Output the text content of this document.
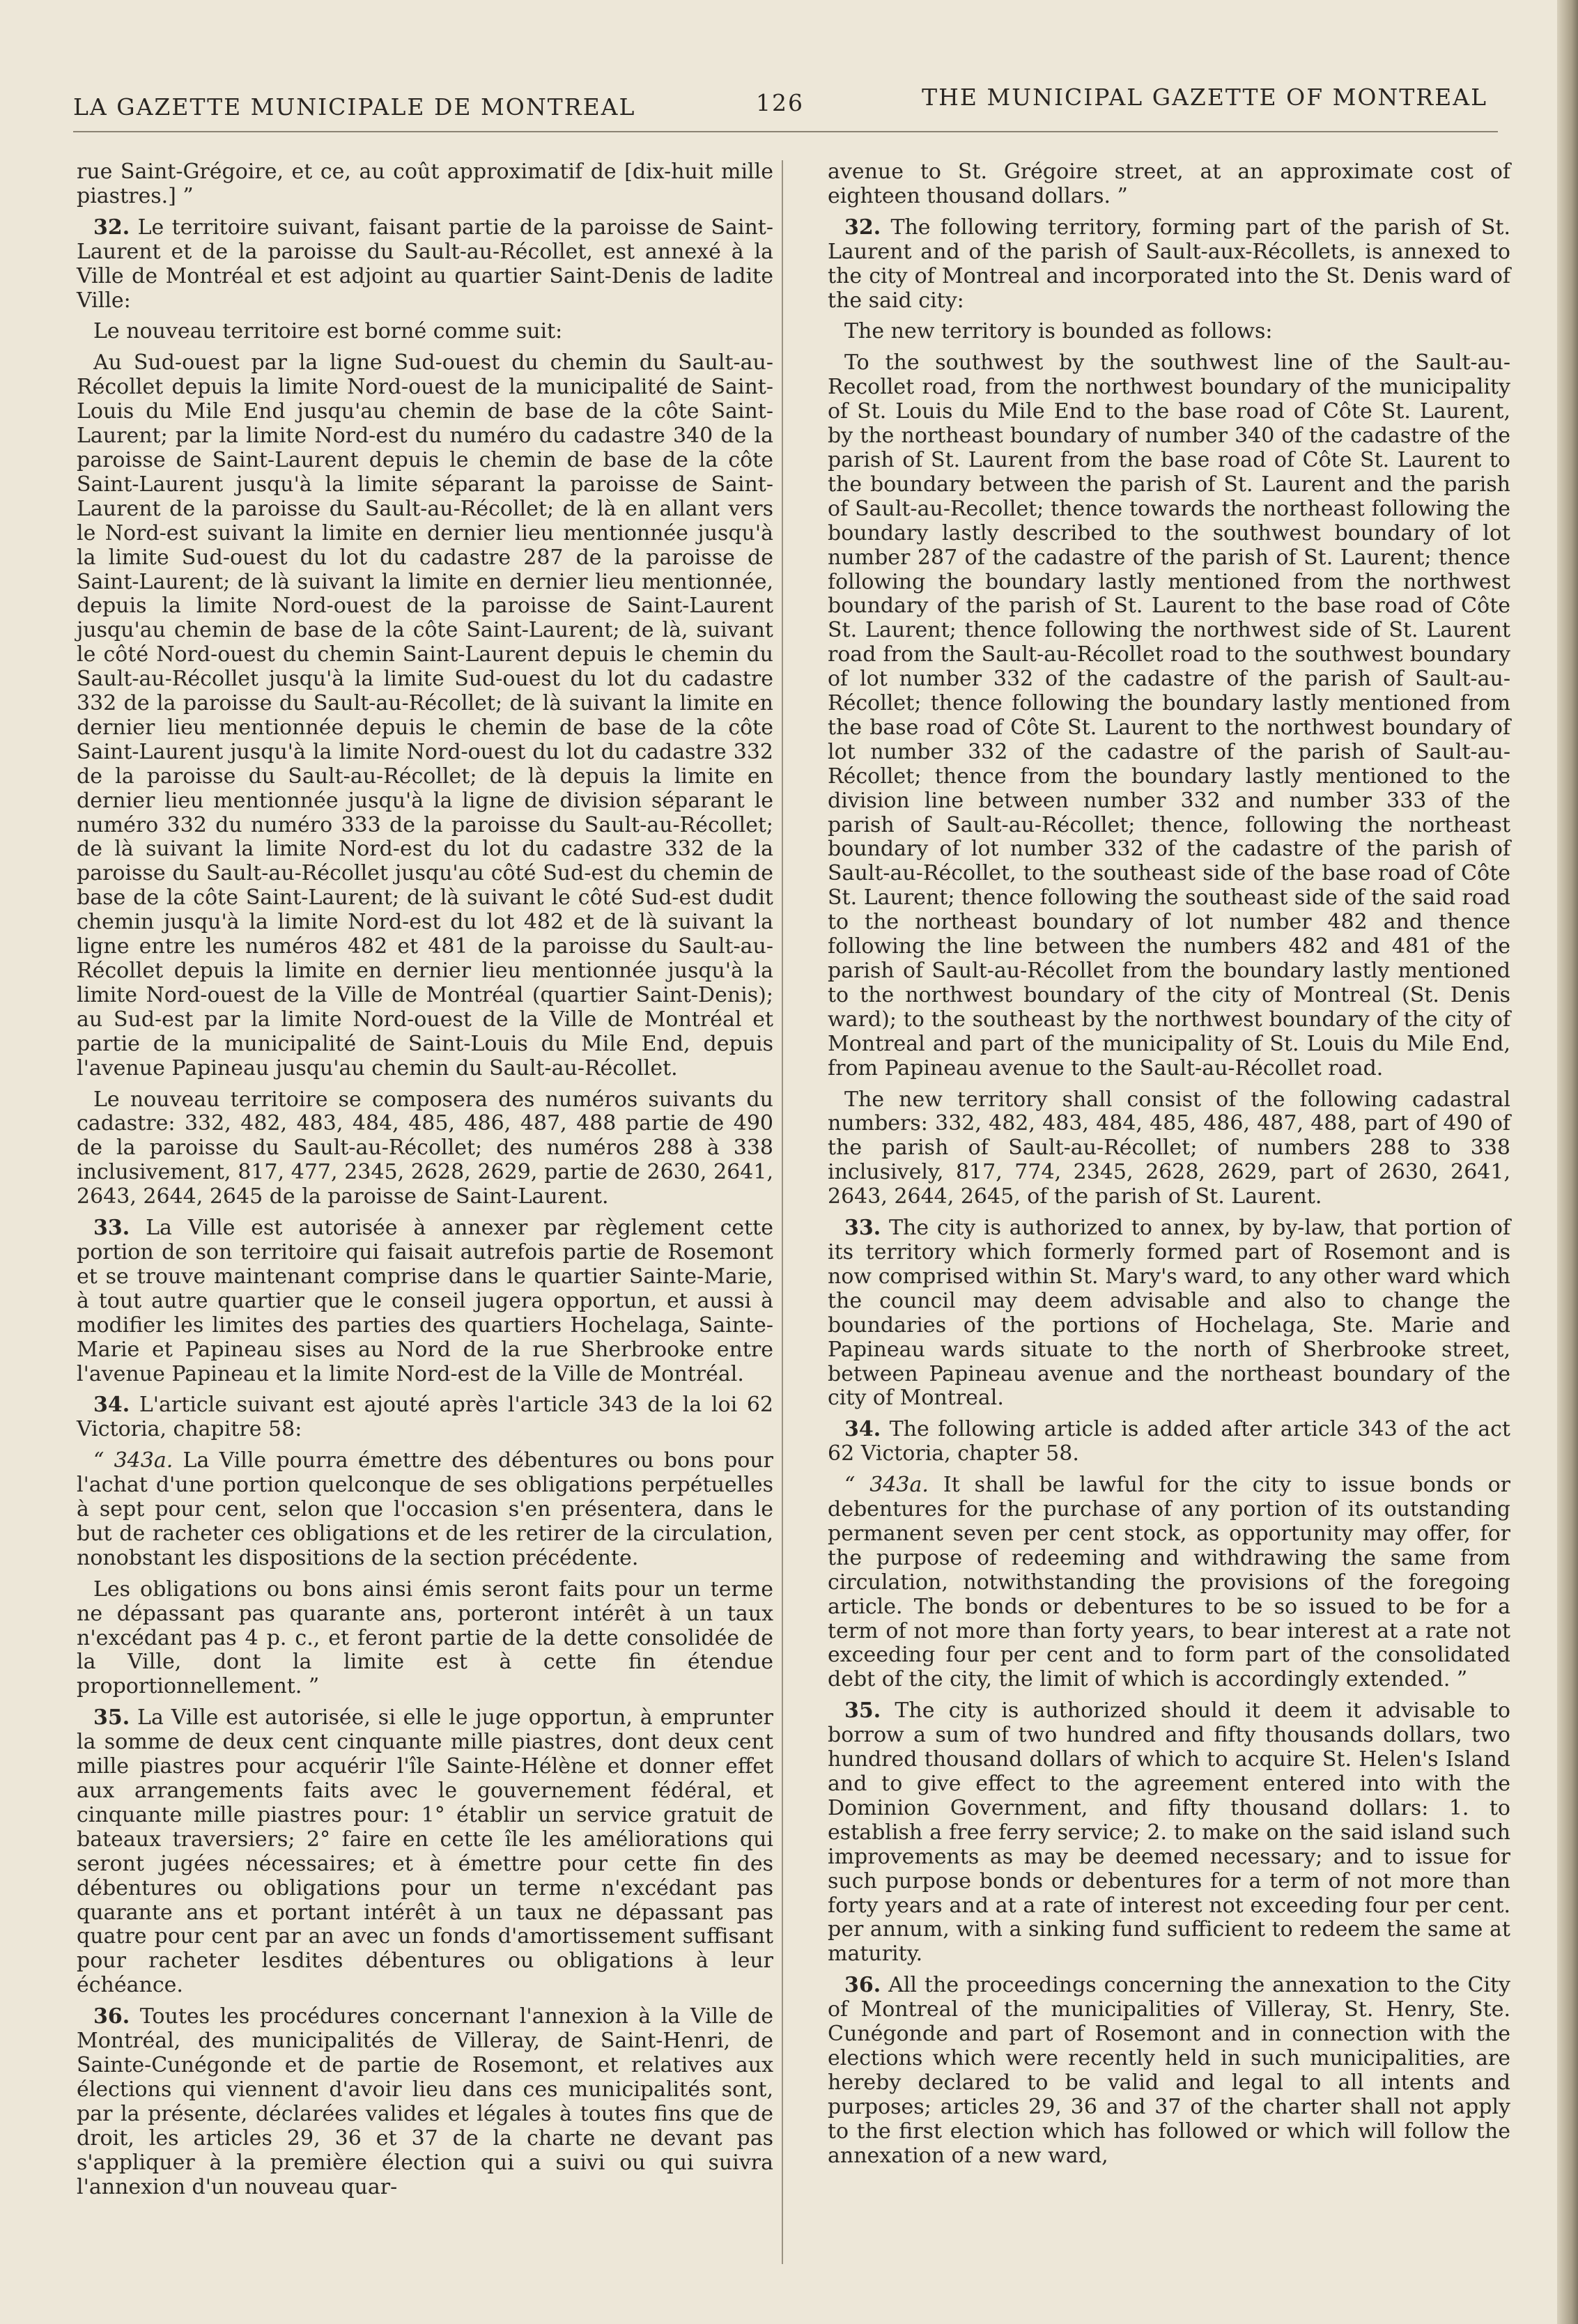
LA GAZETTE MUNICIPALE DE MONTREAL	126	THE MUNICIPAL GAZETTE OF MONTREAL

rue Saint-Grégoire, et ce, au coût approximatif de [dix-huit mille piastres.] ”

32. Le territoire suivant, faisant partie de la paroisse de Saint-Laurent et de la paroisse du Sault-au-Récollet, est annexé à la Ville de Montréal et est adjoint au quartier Saint-Denis de ladite Ville:

Le nouveau territoire est borné comme suit:

Au Sud-ouest par la ligne Sud-ouest du chemin du Sault-au-Récollet depuis la limite Nord-ouest de la municipalité de Saint-Louis du Mile End jusqu'au chemin de base de la côte Saint-Laurent; par la limite Nord-est du numéro du cadastre 340 de la paroisse de Saint-Laurent depuis le chemin de base de la côte Saint-Laurent jusqu'à la limite séparant la paroisse de Saint-Laurent de la paroisse du Sault-au-Récollet; de là en allant vers le Nord-est suivant la limite en dernier lieu mentionnée jusqu'à la limite Sud-ouest du lot du cadastre 287 de la paroisse de Saint-Laurent; de là suivant la limite en dernier lieu mentionnée, depuis la limite Nord-ouest de la paroisse de Saint-Laurent jusqu'au chemin de base de la côte Saint-Laurent; de là, suivant le côté Nord-ouest du chemin Saint-Laurent depuis le chemin du Sault-au-Récollet jusqu'à la limite Sud-ouest du lot du cadastre 332 de la paroisse du Sault-au-Récollet; de là suivant la limite en dernier lieu mentionnée depuis le chemin de base de la côte Saint-Laurent jusqu'à la limite Nord-ouest du lot du cadastre 332 de la paroisse du Sault-au-Récollet; de là depuis la limite en dernier lieu mentionnée jusqu'à la ligne de division séparant le numéro 332 du numéro 333 de la paroisse du Sault-au-Récollet; de là suivant la limite Nord-est du lot du cadastre 332 de la paroisse du Sault-au-Récollet jusqu'au côté Sud-est du chemin de base de la côte Saint-Laurent; de là suivant le côté Sud-est dudit chemin jusqu'à la limite Nord-est du lot 482 et de là suivant la ligne entre les numéros 482 et 481 de la paroisse du Sault-au-Récollet depuis la limite en dernier lieu mentionnée jusqu'à la limite Nord-ouest de la Ville de Montréal (quartier Saint-Denis); au Sud-est par la limite Nord-ouest de la Ville de Montréal et partie de la municipalité de Saint-Louis du Mile End, depuis l'avenue Papineau jusqu'au chemin du Sault-au-Récollet.

Le nouveau territoire se composera des numéros suivants du cadastre: 332, 482, 483, 484, 485, 486, 487, 488 partie de 490 de la paroisse du Sault-au-Récollet; des numéros 288 à 338 inclusivement, 817, 477, 2345, 2628, 2629, partie de 2630, 2641, 2643, 2644, 2645 de la paroisse de Saint-Laurent.

33. La Ville est autorisée à annexer par règlement cette portion de son territoire qui faisait autrefois partie de Rosemont et se trouve maintenant comprise dans le quartier Sainte-Marie, à tout autre quartier que le conseil jugera opportun, et aussi à modifier les limites des parties des quartiers Hochelaga, Sainte-Marie et Papineau sises au Nord de la rue Sherbrooke entre l'avenue Papineau et la limite Nord-est de la Ville de Montréal.

34. L'article suivant est ajouté après l'article 343 de la loi 62 Victoria, chapitre 58:

“ 343a. La Ville pourra émettre des débentures ou bons pour l'achat d'une portion quelconque de ses obligations perpétuelles à sept pour cent, selon que l'occasion s'en présentera, dans le but de racheter ces obligations et de les retirer de la circulation, nonobstant les dispositions de la section précédente.

Les obligations ou bons ainsi émis seront faits pour un terme ne dépassant pas quarante ans, porteront intérêt à un taux n'excédant pas 4 p. c., et feront partie de la dette consolidée de la Ville, dont la limite est à cette fin étendue proportionnellement. ”

35. La Ville est autorisée, si elle le juge opportun, à emprunter la somme de deux cent cinquante mille piastres, dont deux cent mille piastres pour acquérir l'île Sainte-Hélène et donner effet aux arrangements faits avec le gouvernement fédéral, et cinquante mille piastres pour: 1° établir un service gratuit de bateaux traversiers; 2° faire en cette île les améliorations qui seront jugées nécessaires; et à émettre pour cette fin des débentures ou obligations pour un terme n'excédant pas quarante ans et portant intérêt à un taux ne dépassant pas quatre pour cent par an avec un fonds d'amortissement suffisant pour racheter lesdites débentures ou obligations à leur échéance.

36. Toutes les procédures concernant l'annexion à la Ville de Montréal, des municipalités de Villeray, de Saint-Henri, de Sainte-Cunégonde et de partie de Rosemont, et relatives aux élections qui viennent d'avoir lieu dans ces municipalités sont, par la présente, déclarées valides et légales à toutes fins que de droit, les articles 29, 36 et 37 de la charte ne devant pas s'appliquer à la première élection qui a suivi ou qui suivra l'annexion d'un nouveau quar-

avenue to St. Grégoire street, at an approximate cost of eighteen thousand dollars. ”

32. The following territory, forming part of the parish of St. Laurent and of the parish of Sault-aux-Récollets, is annexed to the city of Montreal and incorporated into the St. Denis ward of the said city:

The new territory is bounded as follows:

To the southwest by the southwest line of the Sault-au-Recollet road, from the northwest boundary of the municipality of St. Louis du Mile End to the base road of Côte St. Laurent, by the northeast boundary of number 340 of the cadastre of the parish of St. Laurent from the base road of Côte St. Laurent to the boundary between the parish of St. Laurent and the parish of Sault-au-Recollet; thence towards the northeast following the boundary lastly described to the southwest boundary of lot number 287 of the cadastre of the parish of St. Laurent; thence following the boundary lastly mentioned from the northwest boundary of the parish of St. Laurent to the base road of Côte St. Laurent; thence following the northwest side of St. Laurent road from the Sault-au-Récollet road to the southwest boundary of lot number 332 of the cadastre of the parish of Sault-au-Récollet; thence following the boundary lastly mentioned from the base road of Côte St. Laurent to the northwest boundary of lot number 332 of the cadastre of the parish of Sault-au-Récollet; thence from the boundary lastly mentioned to the division line between number 332 and number 333 of the parish of Sault-au-Récollet; thence, following the northeast boundary of lot number 332 of the cadastre of the parish of Sault-au-Récollet, to the southeast side of the base road of Côte St. Laurent; thence following the southeast side of the said road to the northeast boundary of lot number 482 and thence following the line between the numbers 482 and 481 of the parish of Sault-au-Récollet from the boundary lastly mentioned to the northwest boundary of the city of Montreal (St. Denis ward); to the southeast by the northwest boundary of the city of Montreal and part of the municipality of St. Louis du Mile End, from Papineau avenue to the Sault-au-Récollet road.

The new territory shall consist of the following cadastral numbers: 332, 482, 483, 484, 485, 486, 487, 488, part of 490 of the parish of Sault-au-Récollet; of numbers 288 to 338 inclusively, 817, 774, 2345, 2628, 2629, part of 2630, 2641, 2643, 2644, 2645, of the parish of St. Laurent.

33. The city is authorized to annex, by by-law, that portion of its territory which formerly formed part of Rosemont and is now comprised within St. Mary's ward, to any other ward which the council may deem advisable and also to change the boundaries of the portions of Hochelaga, Ste. Marie and Papineau wards situate to the north of Sherbrooke street, between Papineau avenue and the northeast boundary of the city of Montreal.

34. The following article is added after article 343 of the act 62 Victoria, chapter 58.

“ 343a. It shall be lawful for the city to issue bonds or debentures for the purchase of any portion of its outstanding permanent seven per cent stock, as opportunity may offer, for the purpose of redeeming and withdrawing the same from circulation, notwithstanding the provisions of the foregoing article. The bonds or debentures to be so issued to be for a term of not more than forty years, to bear interest at a rate not exceeding four per cent and to form part of the consolidated debt of the city, the limit of which is accordingly extended. ”

35. The city is authorized should it deem it advisable to borrow a sum of two hundred and fifty thousands dollars, two hundred thousand dollars of which to acquire St. Helen's Island and to give effect to the agreement entered into with the Dominion Government, and fifty thousand dollars: 1. to establish a free ferry service; 2. to make on the said island such improvements as may be deemed necessary; and to issue for such purpose bonds or debentures for a term of not more than forty years and at a rate of interest not exceeding four per cent. per annum, with a sinking fund sufficient to redeem the same at maturity.

36. All the proceedings concerning the annexation to the City of Montreal of the municipalities of Villeray, St. Henry, Ste. Cunégonde and part of Rosemont and in connection with the elections which were recently held in such municipalities, are hereby declared to be valid and legal to all intents and purposes; articles 29, 36 and 37 of the charter shall not apply to the first election which has followed or which will follow the annexation of a new ward,
